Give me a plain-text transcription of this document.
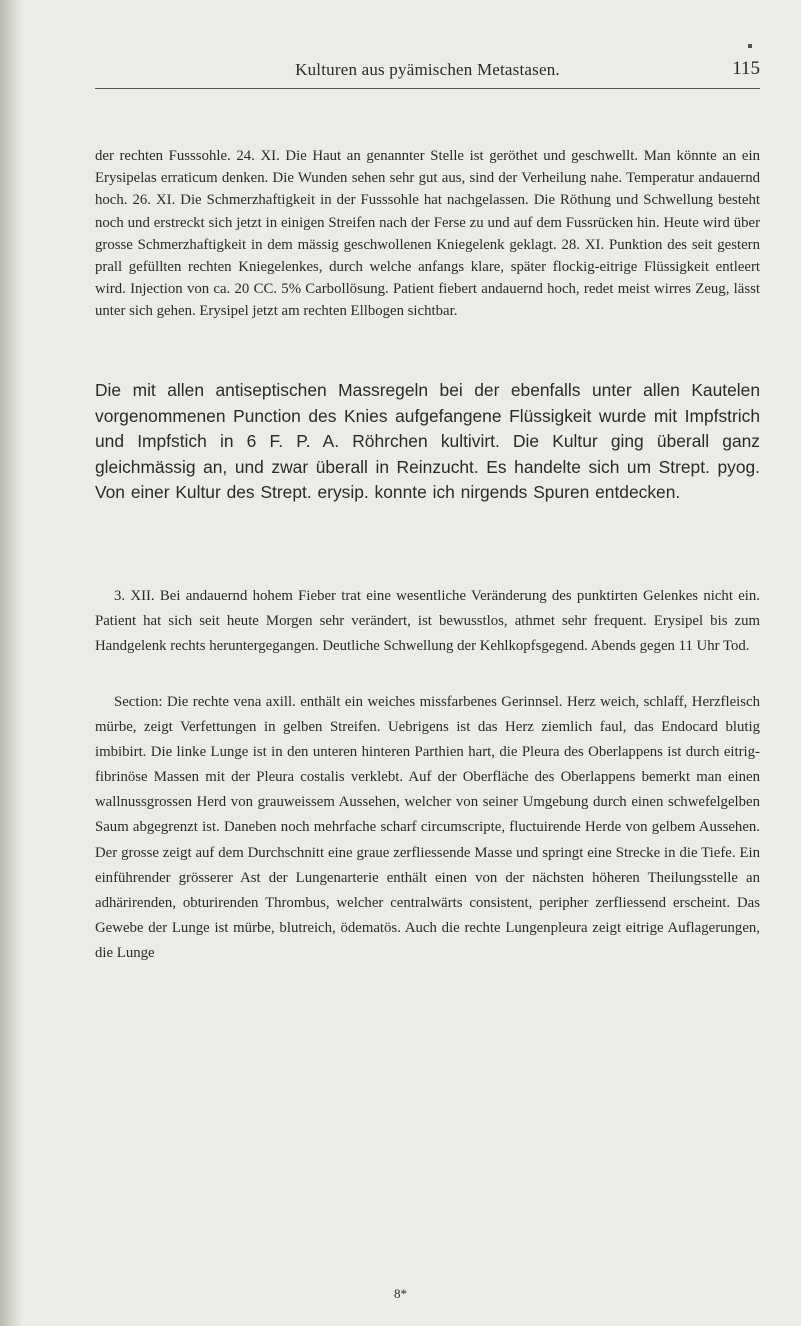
Kulturen aus pyämischen Metastasen.	115

der rechten Fusssohle. 24. XI. Die Haut an genannter Stelle ist geröthet und geschwellt. Man könnte an ein Erysipelas erraticum denken. Die Wunden sehen sehr gut aus, sind der Verheilung nahe. Temperatur andauernd hoch. 26. XI. Die Schmerzhaftigkeit in der Fusssohle hat nachgelassen. Die Röthung und Schwellung besteht noch und erstreckt sich jetzt in einigen Streifen nach der Ferse zu und auf dem Fussrücken hin. Heute wird über grosse Schmerzhaftigkeit in dem mässig geschwollenen Kniegelenk geklagt. 28. XI. Punktion des seit gestern prall gefüllten rechten Kniegelenkes, durch welche anfangs klare, später flockig-eitrige Flüssigkeit entleert wird. Injection von ca. 20 CC. 5% Carbollösung. Patient fiebert andauernd hoch, redet meist wirres Zeug, lässt unter sich gehen. Erysipel jetzt am rechten Ellbogen sichtbar.

Die mit allen antiseptischen Massregeln bei der ebenfalls unter allen Kautelen vorgenommenen Punction des Knies aufgefangene Flüssigkeit wurde mit Impfstrich und Impfstich in 6 F. P. A. Röhrchen kultivirt. Die Kultur ging überall ganz gleichmässig an, und zwar überall in Reinzucht. Es handelte sich um Strept. pyog. Von einer Kultur des Strept. erysip. konnte ich nirgends Spuren entdecken.

3. XII. Bei andauernd hohem Fieber trat eine wesentliche Veränderung des punktirten Gelenkes nicht ein. Patient hat sich seit heute Morgen sehr verändert, ist bewusstlos, athmet sehr frequent. Erysipel bis zum Handgelenk rechts heruntergegangen. Deutliche Schwellung der Kehlkopfsgegend. Abends gegen 11 Uhr Tod.

Section: Die rechte vena axill. enthält ein weiches missfarbenes Gerinnsel. Herz weich, schlaff, Herzfleisch mürbe, zeigt Verfettungen in gelben Streifen. Uebrigens ist das Herz ziemlich faul, das Endocard blutig imbibirt. Die linke Lunge ist in den unteren hinteren Parthien hart, die Pleura des Oberlappens ist durch eitrig-fibrinöse Massen mit der Pleura costalis verklebt. Auf der Oberfläche des Oberlappens bemerkt man einen wallnussgrossen Herd von grauweissem Aussehen, welcher von seiner Umgebung durch einen schwefelgelben Saum abgegrenzt ist. Daneben noch mehrfache scharf circumscripte, fluctuirende Herde von gelbem Aussehen. Der grosse zeigt auf dem Durchschnitt eine graue zerfliessende Masse und springt eine Strecke in die Tiefe. Ein einführender grösserer Ast der Lungenarterie enthält einen von der nächsten höheren Theilungsstelle an adhärirenden, obturirenden Thrombus, welcher centralwärts consistent, peripher zerfliessend erscheint. Das Gewebe der Lunge ist mürbe, blutreich, ödematös. Auch die rechte Lungenpleura zeigt eitrige Auflagerungen, die Lunge

8*
